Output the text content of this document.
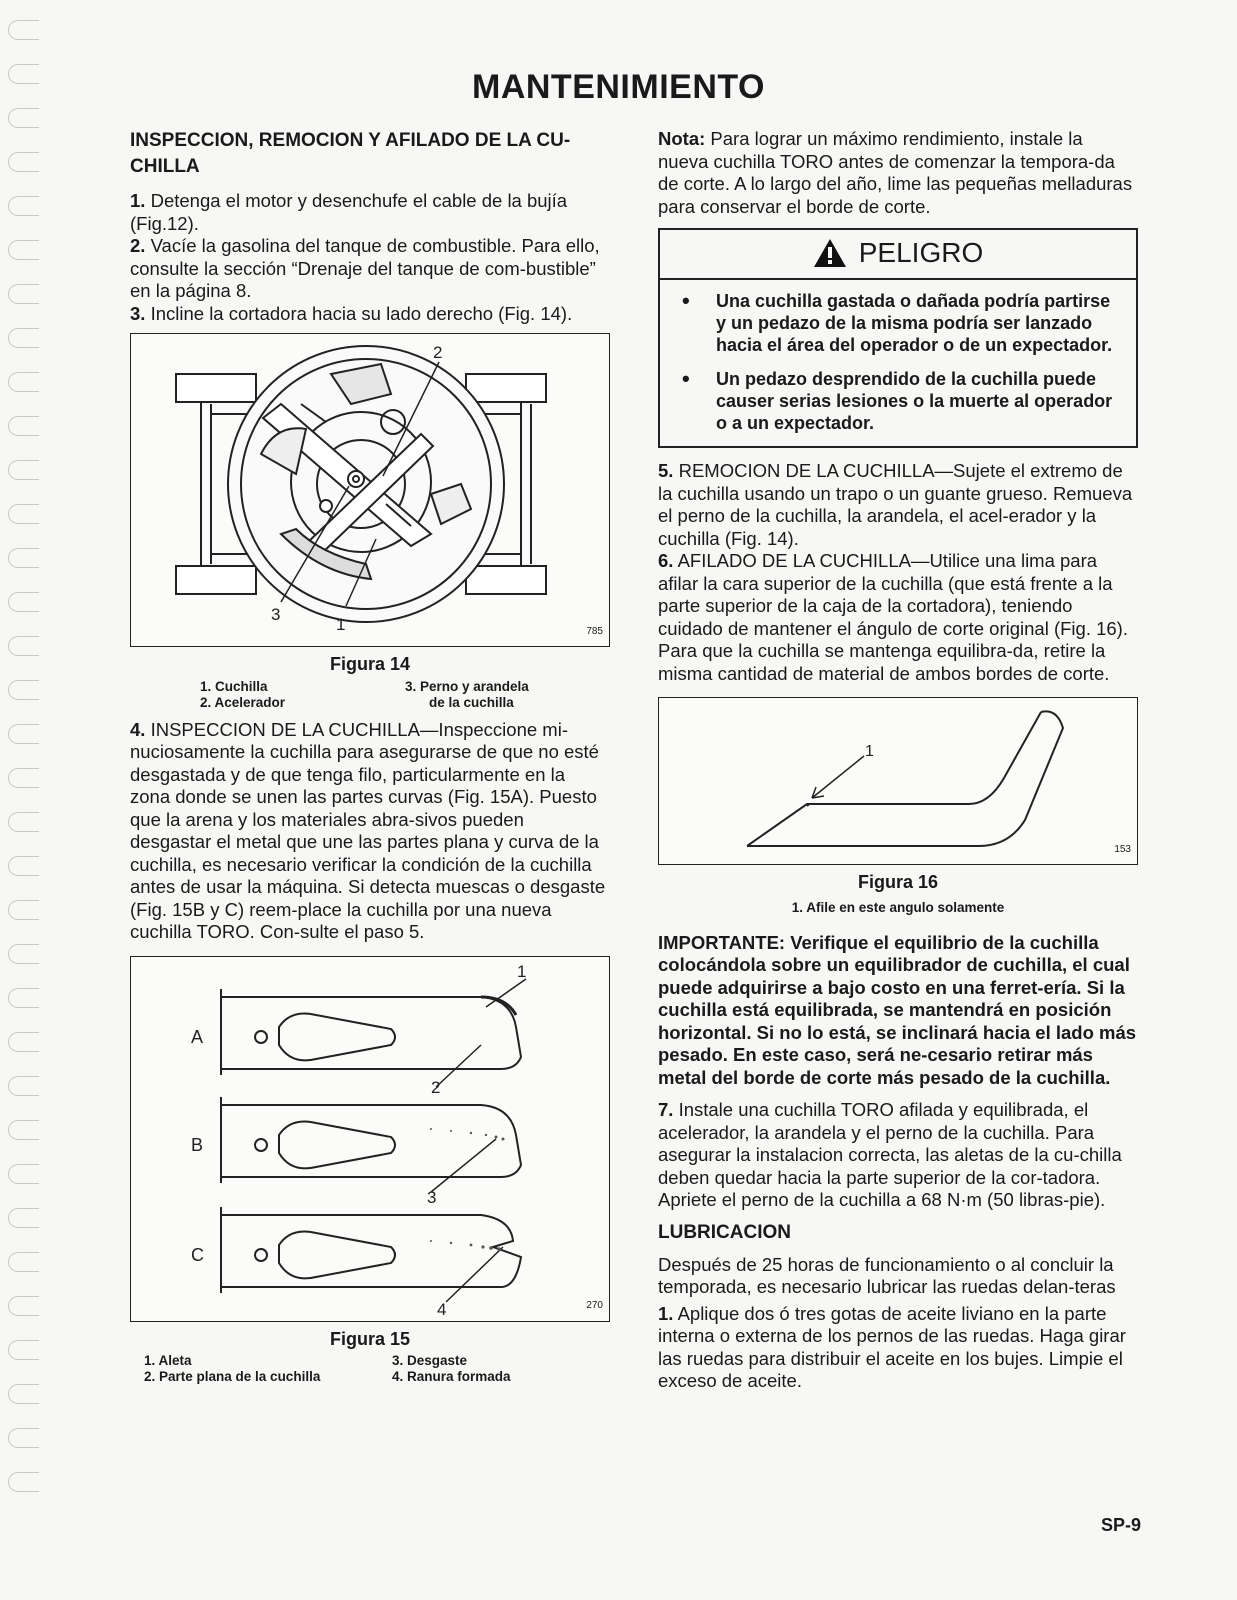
MANTENIMIENTO
INSPECCION, REMOCION Y AFILADO DE LA CU-CHILLA

1. Detenga el motor y desenchufe el cable de la bujía (Fig.12).

2. Vacíe la gasolina del tanque de combustible. Para ello, consulte la sección “Drenaje del tanque de com-bustible” en la página 8.

3. Incline la cortadora hacia su lado derecho (Fig. 14).

2
3
1	785
Figura 14
1. Cuchilla
2. Acelerador
3. Perno y arandela
de la cuchilla

4. INSPECCION DE LA CUCHILLA—Inspeccione mi-nuciosamente la cuchilla para asegurarse de que no esté desgastada y de que tenga filo, particularmente en la zona donde se unen las partes curvas (Fig. 15A). Puesto que la arena y los materiales abra-sivos pueden desgastar el metal que une las partes plana y curva de la cuchilla, es necesario verificar la condición de la cuchilla antes de usar la máquina. Si detecta muescas o desgaste (Fig. 15B y C) reem-place la cuchilla por una nueva cuchilla TORO. Con-sulte el paso 5.

A
B
C
1
2
3
4	270
Figura 15
1. Aleta
2. Parte plana de la cuchilla
3. Desgaste
4. Ranura formada

Nota: Para lograr un máximo rendimiento, instale la nueva cuchilla TORO antes de comenzar la tempora-da de corte. A lo largo del año, lime las pequeñas melladuras para conservar el borde de corte.

PELIGRO
• Una cuchilla gastada o dañada podría partirse y un pedazo de la misma podría ser lanzado hacia el área del operador o de un expectador.
• Un pedazo desprendido de la cuchilla puede causer serias lesiones o la muerte al operador o a un expectador.

5. REMOCION DE LA CUCHILLA—Sujete el extremo de la cuchilla usando un trapo o un guante grueso. Remueva el perno de la cuchilla, la arandela, el acel-erador y la cuchilla (Fig. 14).

6. AFILADO DE LA CUCHILLA—Utilice una lima para afilar la cara superior de la cuchilla (que está frente a la parte superior de la caja de la cortadora), teniendo cuidado de mantener el ángulo de corte original (Fig. 16). Para que la cuchilla se mantenga equilibra-da, retire la misma cantidad de material de ambos bordes de corte.

1
153
Figura 16
1. Afile en este angulo solamente

IMPORTANTE: Verifique el equilibrio de la cuchilla colocándola sobre un equilibrador de cuchilla, el cual puede adquirirse a bajo costo en una ferret-ería. Si la cuchilla está equilibrada, se mantendrá en posición horizontal. Si no lo está, se inclinará hacia el lado más pesado. En este caso, será ne-cesario retirar más metal del borde de corte más pesado de la cuchilla.

7. Instale una cuchilla TORO afilada y equilibrada, el acelerador, la arandela y el perno de la cuchilla. Para asegurar la instalacion correcta, las aletas de la cu-chilla deben quedar hacia la parte superior de la cor-tadora. Apriete el perno de la cuchilla a 68 N·m (50 libras-pie).

LUBRICACION

Después de 25 horas de funcionamiento o al concluir la temporada, es necesario lubricar las ruedas delan-teras

1. Aplique dos ó tres gotas de aceite liviano en la parte interna o externa de los pernos de las ruedas. Haga girar las ruedas para distribuir el aceite en los bujes. Limpie el exceso de aceite.

SP-9
